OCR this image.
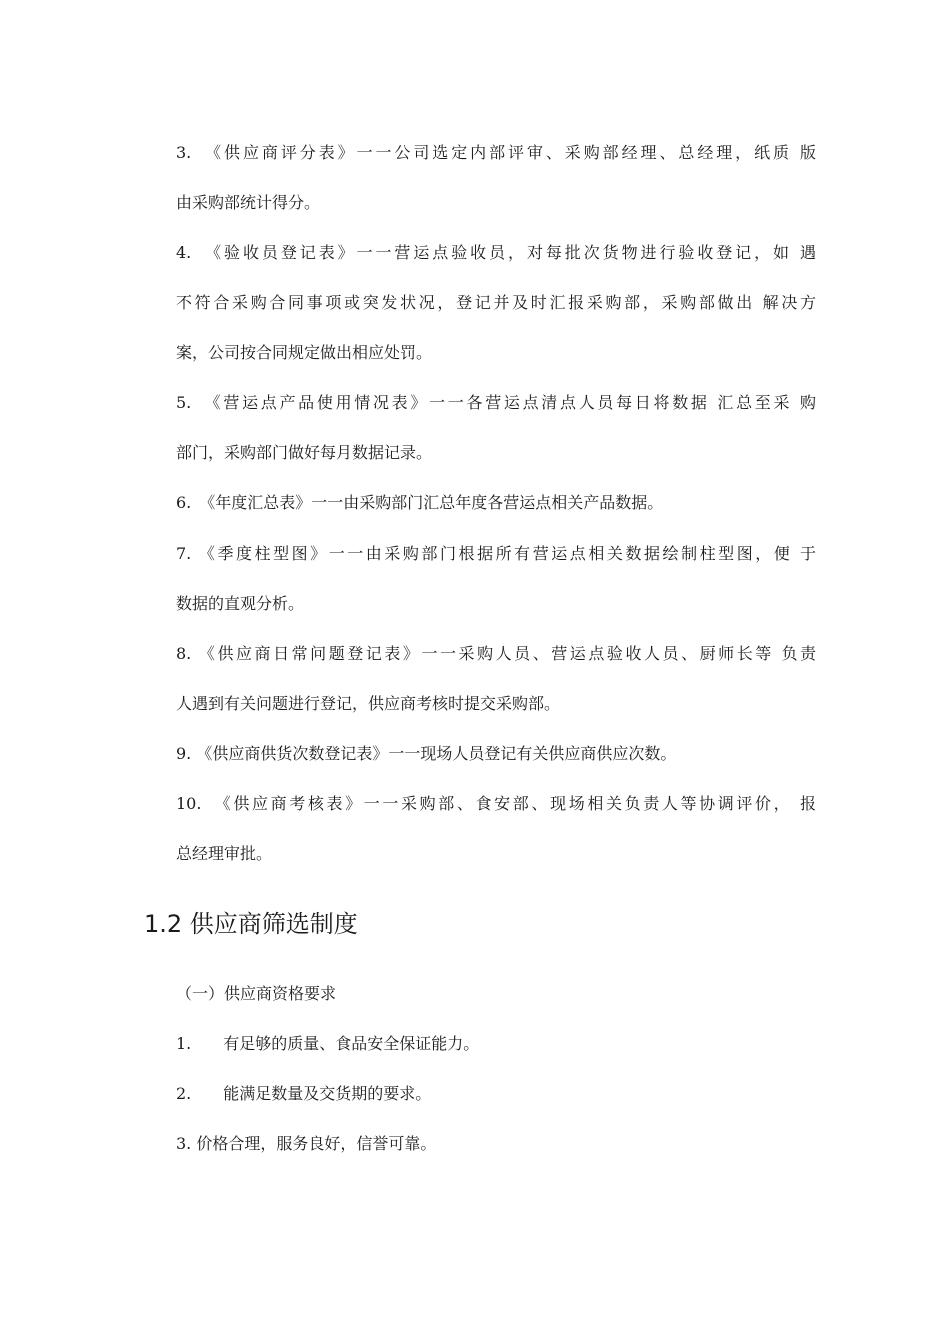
3.　《供应商评分表》一一公司选定内部评审、采购部经理、总经理，纸质 版
由采购部统计得分。
4.　《验收员登记表》一一营运点验收员，对每批次货物进行验收登记，如 遇
不符合采购合同事项或突发状况，登记并及时汇报采购部，采购部做出 解决方
案，公司按合同规定做出相应处罚。
5.　《营运点产品使用情况表》一一各营运点清点人员每日将数据 汇总至采 购
部门，采购部门做好每月数据记录。
6.　《年度汇总表》一一由采购部门汇总年度各营运点相关产品数据。
7. 《季度柱型图》一一由采购部门根据所有营运点相关数据绘制柱型图，便 于
数据的直观分析。
8. 《供应商日常问题登记表》一一采购人员、营运点验收人员、厨师长等 负责
人遇到有关问题进行登记，供应商考核时提交采购部。
9. 《供应商供货次数登记表》一一现场人员登记有关供应商供应次数。
10.　《供应商考核表》一一采购部、食安部、现场相关负责人等协调评价， 报
总经理审批。
1.2 供应商筛选制度
（一）供应商资格要求
1.　　有足够的质量、食品安全保证能力。
2.　　能满足数量及交货期的要求。
3. 价格合理，服务良好，信誉可靠。
